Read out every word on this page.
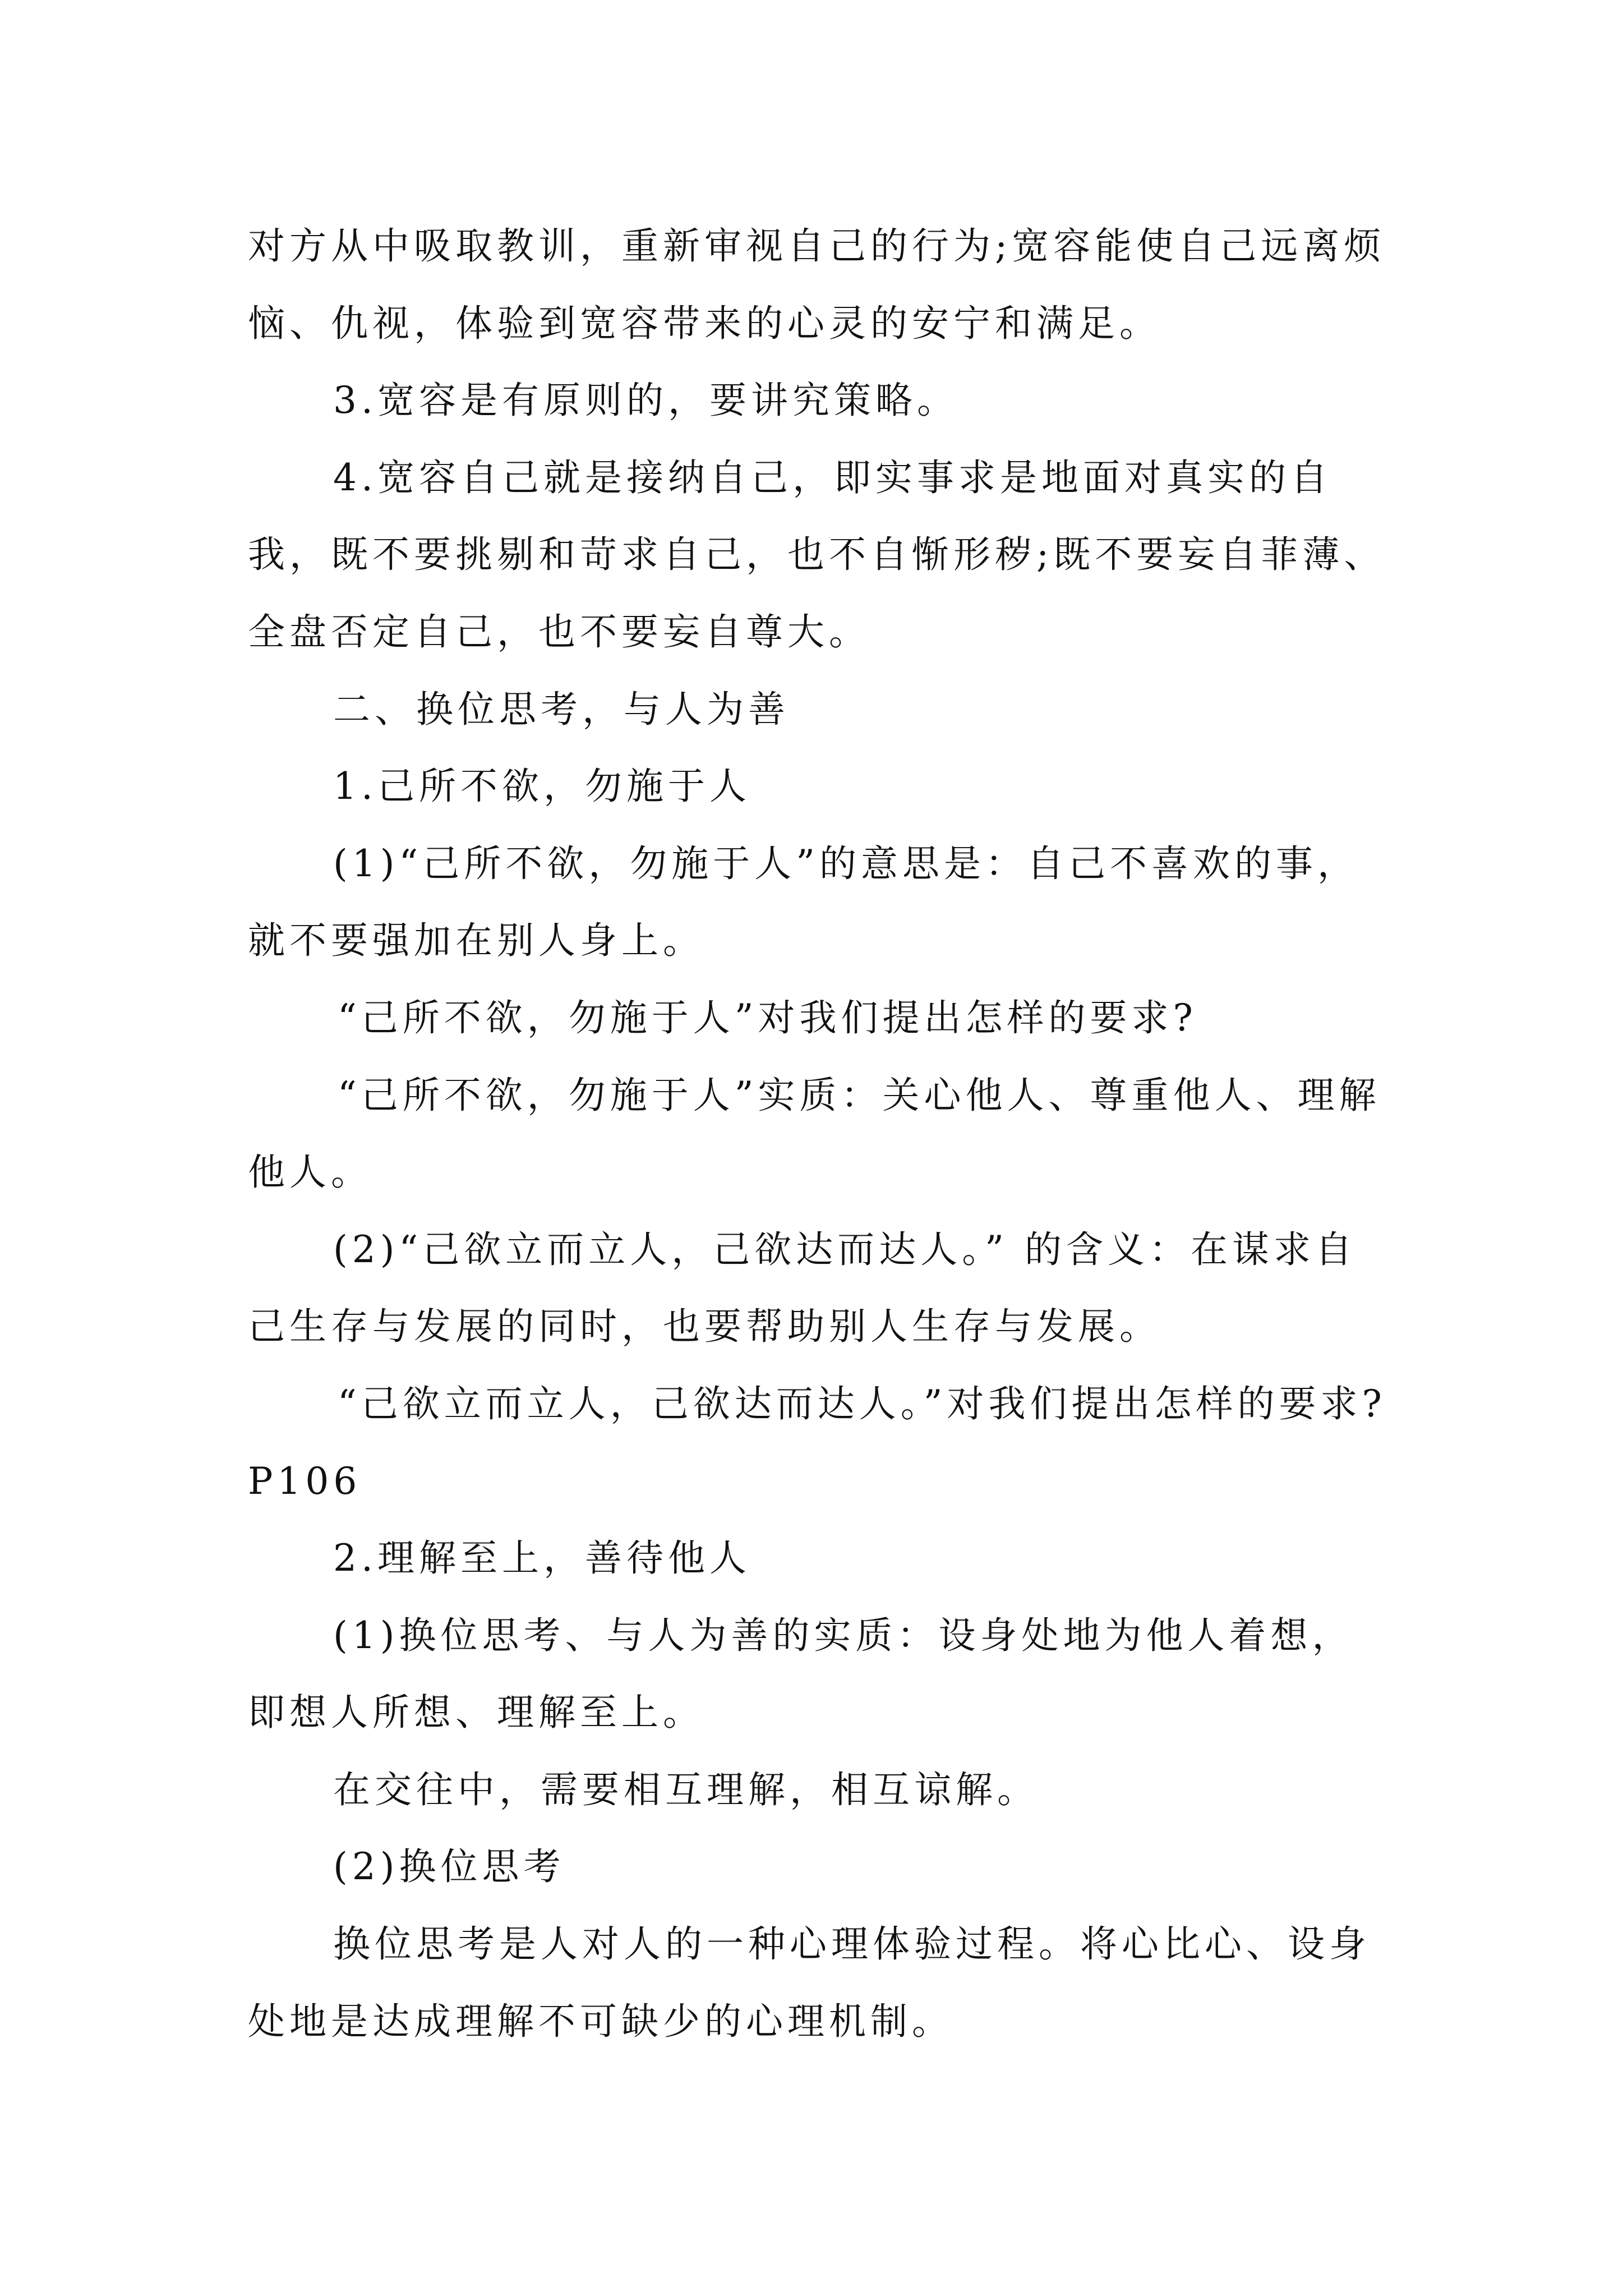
对方从中吸取教训，重新审视自己的行为;宽容能使自己远离烦恼、仇视，体验到宽容带来的心灵的安宁和满足。

3.宽容是有原则的，要讲究策略。

4.宽容自己就是接纳自己，即实事求是地面对真实的自我，既不要挑剔和苛求自己，也不自惭形秽;既不要妄自菲薄、全盘否定自己，也不要妄自尊大。

二、换位思考，与人为善

1.己所不欲，勿施于人

(1)“己所不欲，勿施于人”的意思是：自己不喜欢的事，就不要强加在别人身上。

“己所不欲，勿施于人”对我们提出怎样的要求?

“己所不欲，勿施于人”实质：关心他人、尊重他人、理解他人。

(2)“己欲立而立人，己欲达而达人。” 的含义：在谋求自己生存与发展的同时，也要帮助别人生存与发展。

“己欲立而立人，己欲达而达人。”对我们提出怎样的要求? P106

2.理解至上，善待他人

(1)换位思考、与人为善的实质：设身处地为他人着想，即想人所想、理解至上。

在交往中，需要相互理解，相互谅解。

(2)换位思考

换位思考是人对人的一种心理体验过程。将心比心、设身处地是达成理解不可缺少的心理机制。
